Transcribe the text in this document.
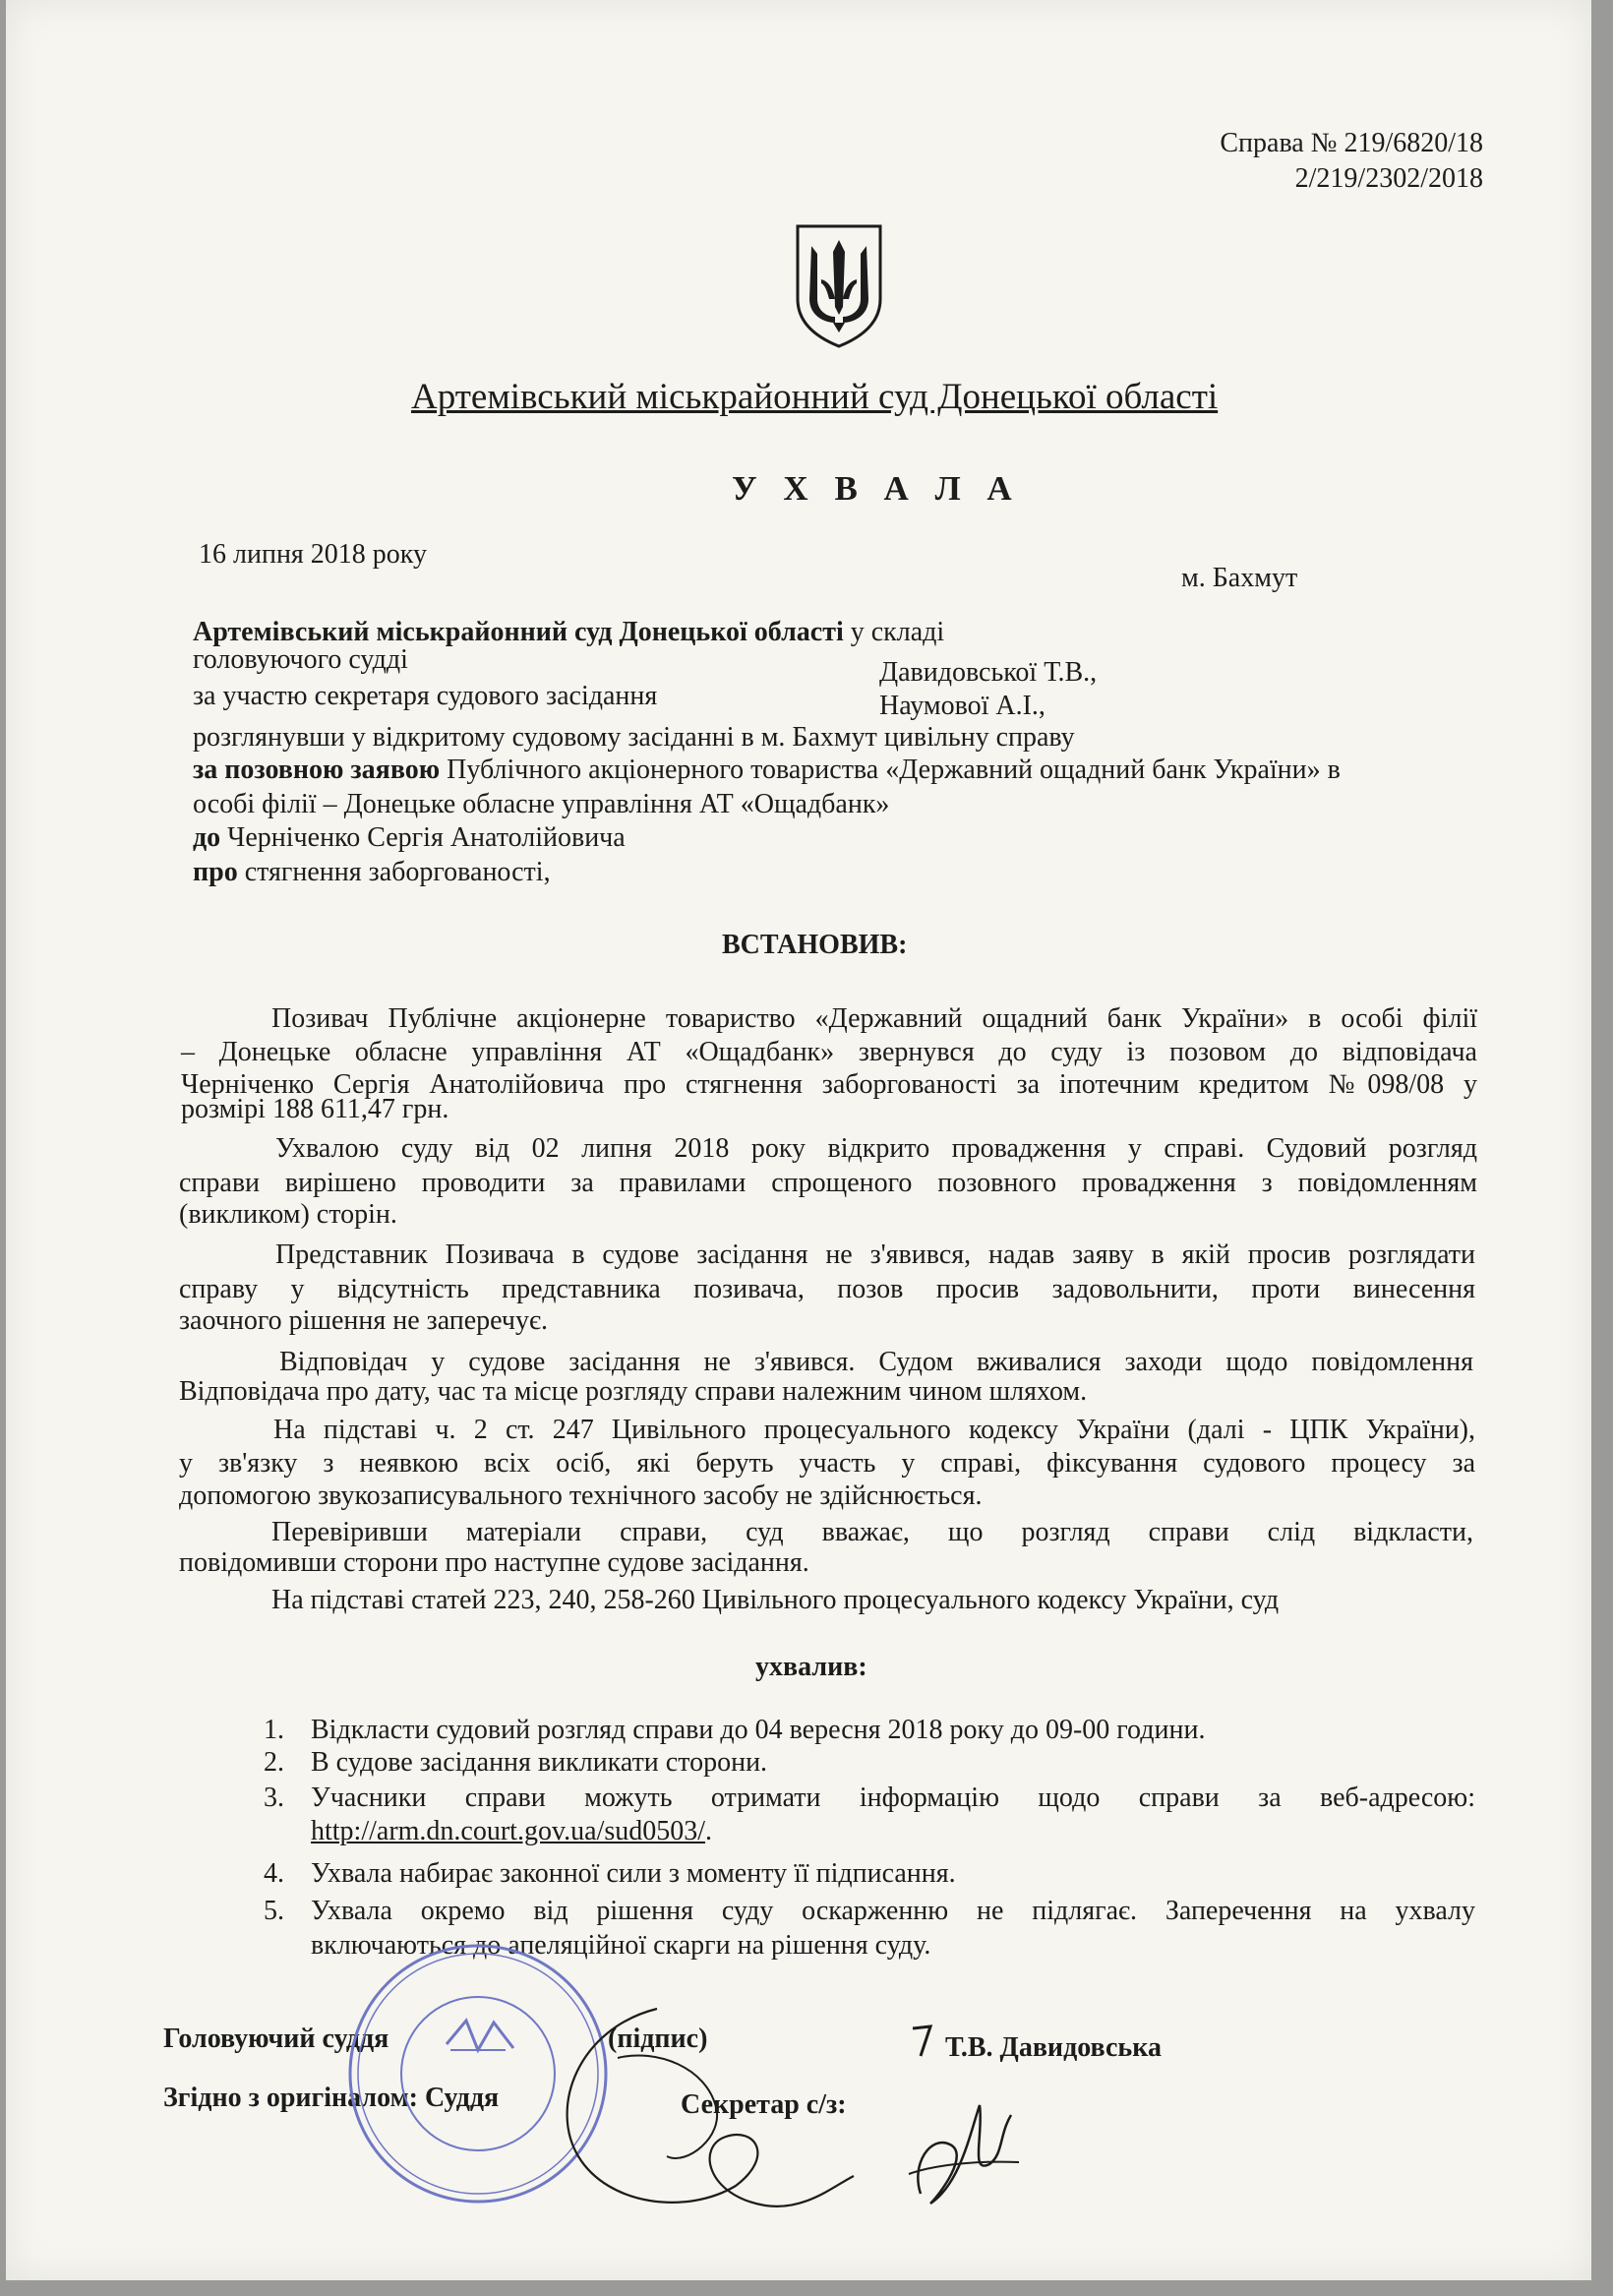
Справа № 219/6820/18
2/219/2302/2018
Артемівський міськрайонний суд Донецької області
У Х В А Л А
16 липня 2018 року
м. Бахмут
Артемівський міськрайонний суд Донецької області у складі
головуючого судді	Давидовської Т.В.,
за участю секретаря судового засідання	Наумової А.І.,
розглянувши у відкритому судовому засіданні в м. Бахмут цивільну справу
за позовною заявою Публічного акціонерного товариства «Державний ощадний банк України» в
особі філії – Донецьке обласне управління АТ «Ощадбанк»
до Черніченко Сергія Анатолійовича
про стягнення заборгованості,
ВСТАНОВИВ:
Позивач Публічне акціонерне товариство «Державний ощадний банк України» в особі філії
– Донецьке обласне управління АТ «Ощадбанк» звернувся до суду із позовом до відповідача
Черніченко Сергія Анатолійовича про стягнення заборгованості за іпотечним кредитом №098/08 у
розмірі 188 611,47 грн.
Ухвалою суду від 02 липня 2018 року відкрито провадження у справі. Судовий розгляд
справи вирішено проводити за правилами спрощеного позовного провадження з повідомленням
(викликом) сторін.
Представник Позивача в судове засідання не з'явився, надав заяву в якій просив розглядати
справу у відсутність представника позивача, позов просив задовольнити, проти винесення
заочного рішення не заперечує.
Відповідач у судове засідання не з'явився. Судом вживалися заходи щодо повідомлення
Відповідача про дату, час та місце розгляду справи належним чином шляхом.
На підставі ч. 2 ст. 247 Цивільного процесуального кодексу України (далі - ЦПК України),
у зв'язку з неявкою всіх осіб, які беруть участь у справі, фіксування судового процесу за
допомогою звукозаписувального технічного засобу не здійснюється.
Перевіривши матеріали справи, суд вважає, що розгляд справи слід відкласти,
повідомивши сторони про наступне судове засідання.
На підставі статей 223, 240, 258-260 Цивільного процесуального кодексу України, суд
ухвалив:
1. Відкласти судовий розгляд справи до 04 вересня 2018 року до 09-00 години.
2. В судове засідання викликати сторони.
3. Учасники справи можуть отримати інформацію щодо справи за веб-адресою:
http://arm.dn.court.gov.ua/sud0503/.
4. Ухвала набирає законної сили з моменту її підписання.
5. Ухвала окремо від рішення суду оскарженню не підлягає. Заперечення на ухвалу
включаються до апеляційної скарги на рішення суду.
Головуючий суддя	(підпис)	Т.В. Давидовська
Згідно з оригіналом: Суддя	Секретар с/з:
